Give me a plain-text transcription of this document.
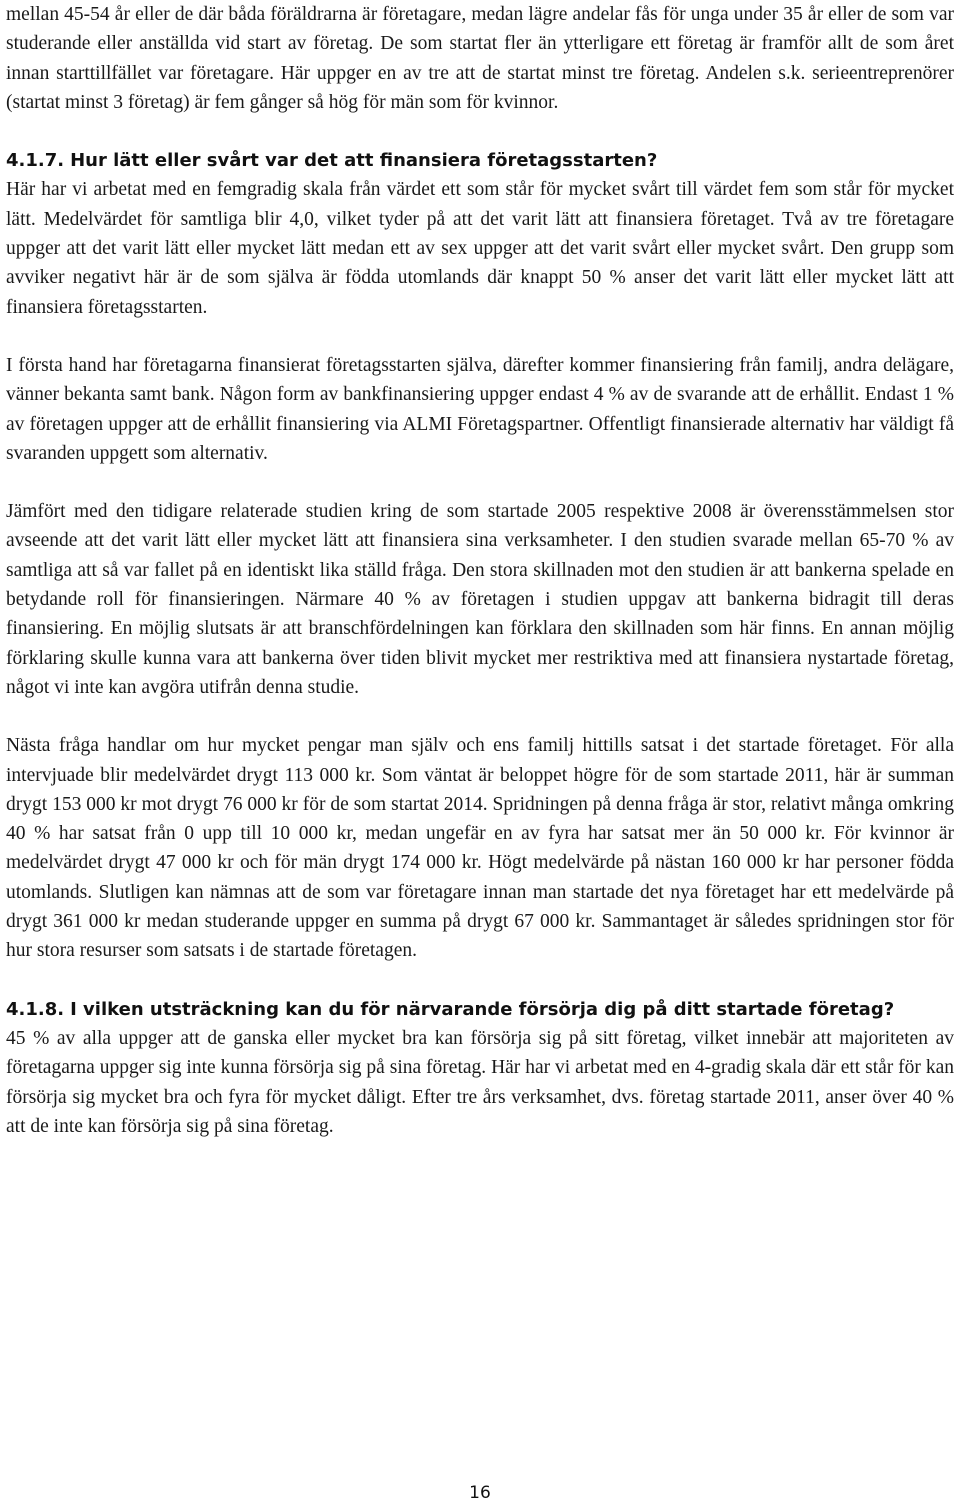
mellan 45-54 år eller de där båda föräldrarna är företagare, medan lägre andelar fås för unga under 35 år eller de som var studerande eller anställda vid start av företag. De som startat fler än ytterligare ett företag är framför allt de som året innan starttillfället var företagare. Här uppger en av tre att de startat minst tre företag. Andelen s.k. serieentreprenörer (startat minst 3 företag) är fem gånger så hög för män som för kvinnor.

4.1.7. Hur lätt eller svårt var det att finansiera företagsstarten?

Här har vi arbetat med en femgradig skala från värdet ett som står för mycket svårt till värdet fem som står för mycket lätt. Medelvärdet för samtliga blir 4,0, vilket tyder på att det varit lätt att finansiera företaget. Två av tre företagare uppger att det varit lätt eller mycket lätt medan ett av sex uppger att det varit svårt eller mycket svårt. Den grupp som avviker negativt här är de som själva är födda utomlands där knappt 50 % anser det varit lätt eller mycket lätt att finansiera företagsstarten.

I första hand har företagarna finansierat företagsstarten själva, därefter kommer finansiering från familj, andra delägare, vänner bekanta samt bank. Någon form av bankfinansiering uppger endast 4 % av de svarande att de erhållit. Endast 1 % av företagen uppger att de erhållit finansiering via ALMI Företagspartner. Offentligt finansierade alternativ har väldigt få svaranden uppgett som alternativ.

Jämfört med den tidigare relaterade studien kring de som startade 2005 respektive 2008 är överensstämmelsen stor avseende att det varit lätt eller mycket lätt att finansiera sina verksamheter. I den studien svarade mellan 65-70 % av samtliga att så var fallet på en identiskt lika ställd fråga. Den stora skillnaden mot den studien är att bankerna spelade en betydande roll för finansieringen. Närmare 40 % av företagen i studien uppgav att bankerna bidragit till deras finansiering. En möjlig slutsats är att branschfördelningen kan förklara den skillnaden som här finns. En annan möjlig förklaring skulle kunna vara att bankerna över tiden blivit mycket mer restriktiva med att finansiera nystartade företag, något vi inte kan avgöra utifrån denna studie.

Nästa fråga handlar om hur mycket pengar man själv och ens familj hittills satsat i det startade företaget. För alla intervjuade blir medelvärdet drygt 113 000 kr. Som väntat är beloppet högre för de som startade 2011, här är summan drygt 153 000 kr mot drygt 76 000 kr för de som startat 2014. Spridningen på denna fråga är stor, relativt många omkring 40 % har satsat från 0 upp till 10 000 kr, medan ungefär en av fyra har satsat mer än 50 000 kr. För kvinnor är medelvärdet drygt 47 000 kr och för män drygt 174 000 kr. Högt medelvärde på nästan 160 000 kr har personer födda utomlands. Slutligen kan nämnas att de som var företagare innan man startade det nya företaget har ett medelvärde på drygt 361 000 kr medan studerande uppger en summa på drygt 67 000 kr. Sammantaget är således spridningen stor för hur stora resurser som satsats i de startade företagen.

4.1.8. I vilken utsträckning kan du för närvarande försörja dig på ditt startade företag?

45 % av alla uppger att de ganska eller mycket bra kan försörja sig på sitt företag, vilket innebär att majoriteten av företagarna uppger sig inte kunna försörja sig på sina företag. Här har vi arbetat med en 4-gradig skala där ett står för kan försörja sig mycket bra och fyra för mycket dåligt. Efter tre års verksamhet, dvs. företag startade 2011, anser över 40 % att de inte kan försörja sig på sina företag.

16
